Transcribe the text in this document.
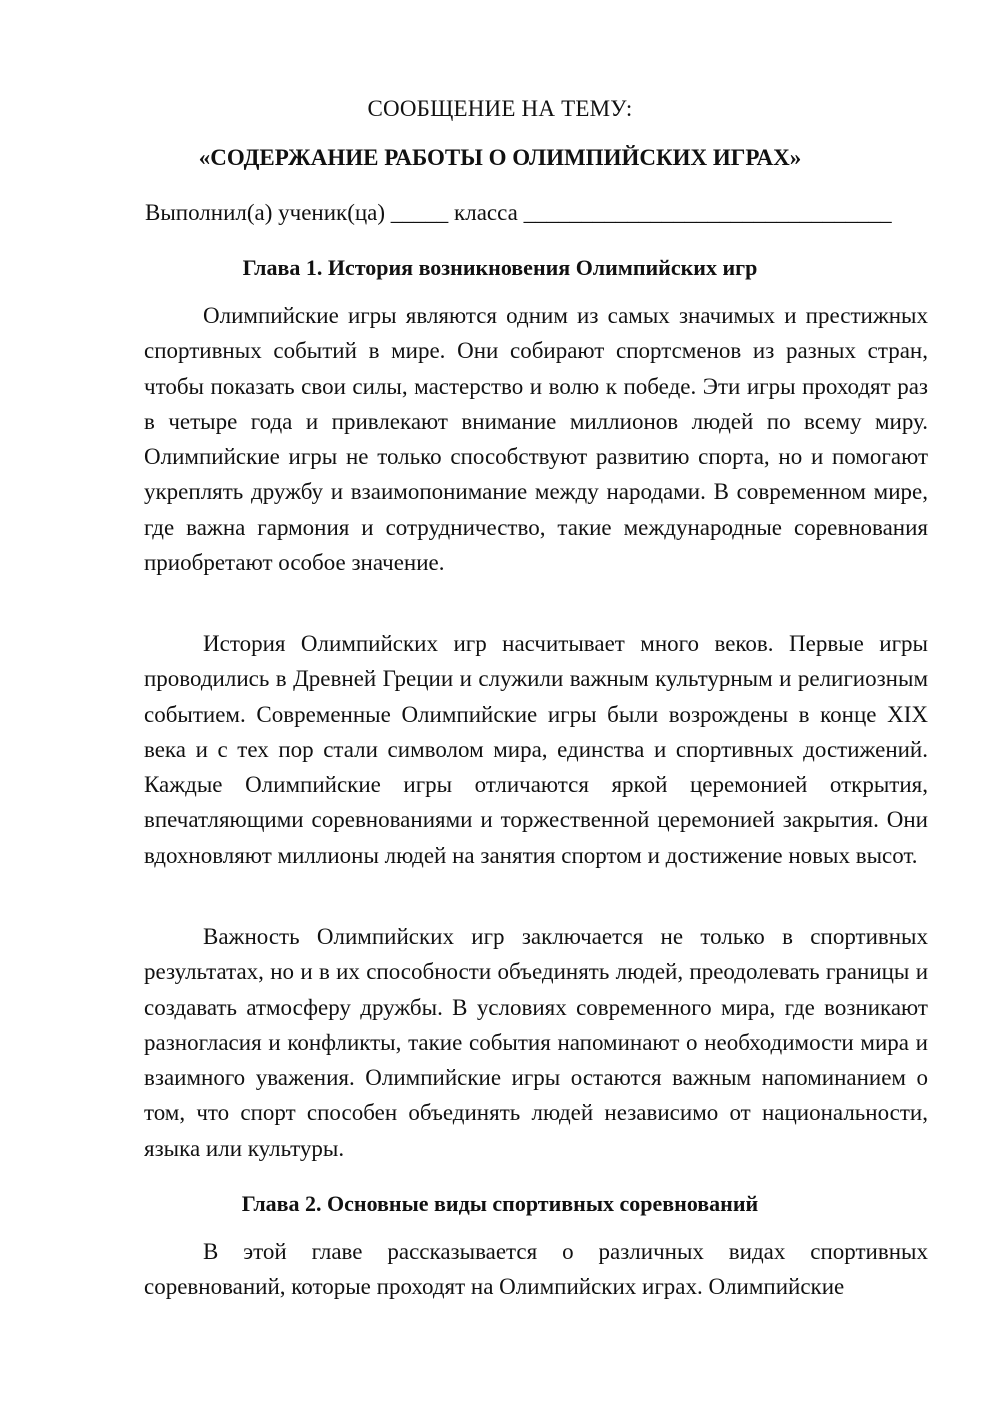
СООБЩЕНИЕ НА ТЕМУ:
«СОДЕРЖАНИЕ РАБОТЫ О ОЛИМПИЙСКИХ ИГРАХ»
Выполнил(а) ученик(ца) _____ класса ________________________________
Глава 1. История возникновения Олимпийских игр

Олимпийские игры являются одним из самых значимых и престижных спортивных событий в мире. Они собирают спортсменов из разных стран, чтобы показать свои силы, мастерство и волю к победе. Эти игры проходят раз в четыре года и привлекают внимание миллионов людей по всему миру. Олимпийские игры не только способствуют развитию спорта, но и помогают укреплять дружбу и взаимопонимание между народами. В современном мире, где важна гармония и сотрудничество, такие международные соревнования приобретают особое значение.

История Олимпийских игр насчитывает много веков. Первые игры проводились в Древней Греции и служили важным культурным и религиозным событием. Современные Олимпийские игры были возрождены в конце XIX века и с тех пор стали символом мира, единства и спортивных достижений. Каждые Олимпийские игры отличаются яркой церемонией открытия, впечатляющими соревнованиями и торжественной церемонией закрытия. Они вдохновляют миллионы людей на занятия спортом и достижение новых высот.

Важность Олимпийских игр заключается не только в спортивных результатах, но и в их способности объединять людей, преодолевать границы и создавать атмосферу дружбы. В условиях современного мира, где возникают разногласия и конфликты, такие события напоминают о необходимости мира и взаимного уважения. Олимпийские игры остаются важным напоминанием о том, что спорт способен объединять людей независимо от национальности, языка или культуры.

Глава 2. Основные виды спортивных соревнований

В этой главе рассказывается о различных видах спортивных соревнований, которые проходят на Олимпийских играх. Олимпийские
